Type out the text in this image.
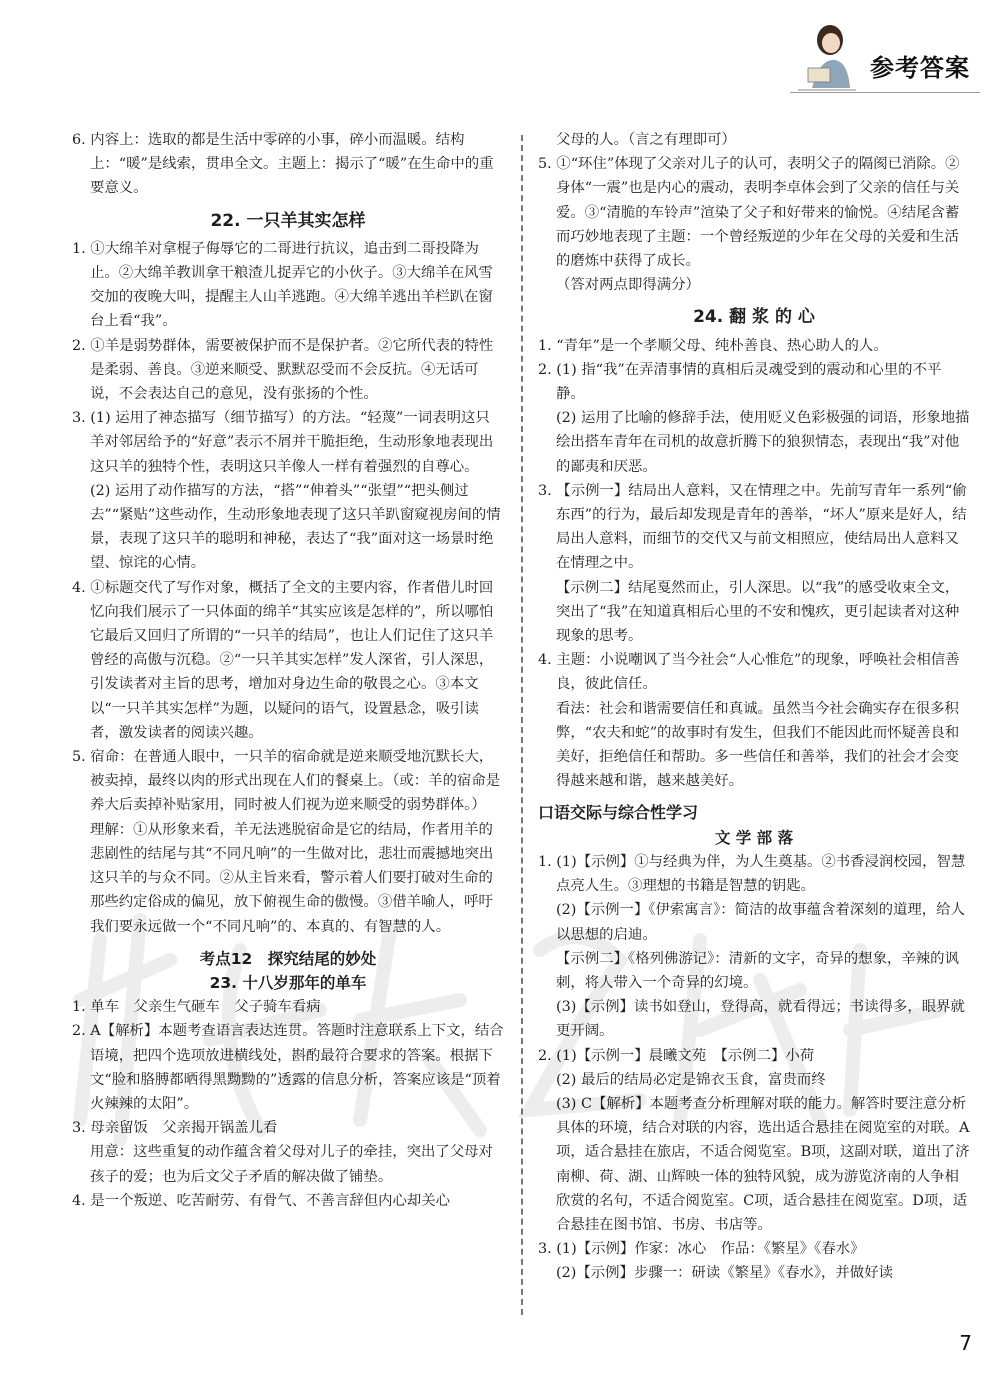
参考答案

6. 内容上：选取的都是生活中零碎的小事，碎小而温暖。结构上：“暖”是线索，贯串全文。主题上：揭示了“暖”在生命中的重要意义。

22. 一只羊其实怎样

1. ①大绵羊对拿棍子侮辱它的二哥进行抗议，追击到二哥投降为止。②大绵羊教训拿干粮渣儿捉弄它的小伙子。③大绵羊在风雪交加的夜晚大叫，提醒主人山羊逃跑。④大绵羊逃出羊栏趴在窗台上看“我”。

2. ①羊是弱势群体，需要被保护而不是保护者。②它所代表的特性是柔弱、善良。③逆来顺受、默默忍受而不会反抗。④无话可说，不会表达自己的意见，没有张扬的个性。

3. (1) 运用了神态描写（细节描写）的方法。“轻蔑”一词表明这只羊对邻居给予的“好意”表示不屑并干脆拒绝，生动形象地表现出这只羊的独特个性，表明这只羊像人一样有着强烈的自尊心。

(2) 运用了动作描写的方法，“搭”“伸着头”“张望”“把头侧过去”“紧贴”这些动作，生动形象地表现了这只羊趴窗窥视房间的情景，表现了这只羊的聪明和神秘，表达了“我”面对这一场景时绝望、惊诧的心情。

4. ①标题交代了写作对象，概括了全文的主要内容，作者借儿时回忆向我们展示了一只体面的绵羊“其实应该是怎样的”，所以哪怕它最后又回归了所谓的“一只羊的结局”，也让人们记住了这只羊曾经的高傲与沉稳。②“一只羊其实怎样”发人深省，引人深思，引发读者对主旨的思考，增加对身边生命的敬畏之心。③本文以“一只羊其实怎样”为题，以疑问的语气，设置悬念，吸引读者，激发读者的阅读兴趣。

5. 宿命：在普通人眼中，一只羊的宿命就是逆来顺受地沉默长大，被卖掉，最终以肉的形式出现在人们的餐桌上。（或：羊的宿命是养大后卖掉补贴家用，同时被人们视为逆来顺受的弱势群体。）

理解：①从形象来看，羊无法逃脱宿命是它的结局，作者用羊的悲剧性的结尾与其“不同凡响”的一生做对比，悲壮而震撼地突出这只羊的与众不同。②从主旨来看，警示着人们要打破对生命的那些约定俗成的偏见，放下俯视生命的傲慢。③借羊喻人，呼吁我们要永远做一个“不同凡响”的、本真的、有智慧的人。

考点12　探究结尾的妙处
23. 十八岁那年的单车

1. 单车　父亲生气砸车　父子骑车看病

2. A【解析】本题考查语言表达连贯。答题时注意联系上下文，结合语境，把四个选项放进横线处，斟酌最符合要求的答案。根据下文“脸和胳膊都晒得黑黝黝的”透露的信息分析，答案应该是“顶着火辣辣的太阳”。

3. 母亲留饭　父亲揭开锅盖儿看

用意：这些重复的动作蕴含着父母对儿子的牵挂，突出了父母对孩子的爱；也为后文父子矛盾的解决做了铺垫。

4. 是一个叛逆、吃苦耐劳、有骨气、不善言辞但内心却关心

父母的人。（言之有理即可）

5. ①“环住”体现了父亲对儿子的认可，表明父子的隔阂已消除。②身体“一震”也是内心的震动，表明李卓体会到了父亲的信任与关爱。③“清脆的车铃声”渲染了父子和好带来的愉悦。④结尾含蓄而巧妙地表现了主题：一个曾经叛逆的少年在父母的关爱和生活的磨炼中获得了成长。

（答对两点即得满分）

24. 翻 浆 的 心

1. “青年”是一个孝顺父母、纯朴善良、热心助人的人。

2. (1) 指“我”在弄清事情的真相后灵魂受到的震动和心里的不平静。

(2) 运用了比喻的修辞手法，使用贬义色彩极强的词语，形象地描绘出搭车青年在司机的故意折腾下的狼狈情态，表现出“我”对他的鄙夷和厌恶。

3. 【示例一】结局出人意料，又在情理之中。先前写青年一系列“偷东西”的行为，最后却发现是青年的善举，“坏人”原来是好人，结局出人意料，而细节的交代又与前文相照应，使结局出人意料又在情理之中。

【示例二】结尾戛然而止，引人深思。以“我”的感受收束全文，突出了“我”在知道真相后心里的不安和愧疚，更引起读者对这种现象的思考。

4. 主题：小说嘲讽了当今社会“人心惟危”的现象，呼唤社会相信善良，彼此信任。

看法：社会和谐需要信任和真诚。虽然当今社会确实存在很多积弊，“农夫和蛇”的故事时有发生，但我们不能因此而怀疑善良和美好，拒绝信任和帮助。多一些信任和善举，我们的社会才会变得越来越和谐，越来越美好。

口语交际与综合性学习
文 学 部 落

1. (1)【示例】①与经典为伴，为人生奠基。②书香浸润校园，智慧点亮人生。③理想的书籍是智慧的钥匙。

(2)【示例一】《伊索寓言》：简洁的故事蕴含着深刻的道理，给人以思想的启迪。

【示例二】《格列佛游记》：清新的文字，奇异的想象，辛辣的讽刺，将人带入一个奇异的幻境。

(3)【示例】读书如登山，登得高，就看得远；书读得多，眼界就更开阔。

2. (1)【示例一】晨曦文苑　【示例二】小荷

(2) 最后的结局必定是锦衣玉食，富贵而终

(3) C【解析】本题考查分析理解对联的能力。解答时要注意分析具体的环境，结合对联的内容，选出适合悬挂在阅览室的对联。A项，适合悬挂在旅店，不适合阅览室。B项，这副对联，道出了济南柳、荷、湖、山辉映一体的独特风貌，成为游览济南的人争相欣赏的名句，不适合阅览室。C项，适合悬挂在阅览室。D项，适合悬挂在图书馆、书房、书店等。

3. (1)【示例】作家：冰心　作品：《繁星》《春水》

(2)【示例】步骤一：研读《繁星》《春水》，并做好读

7
